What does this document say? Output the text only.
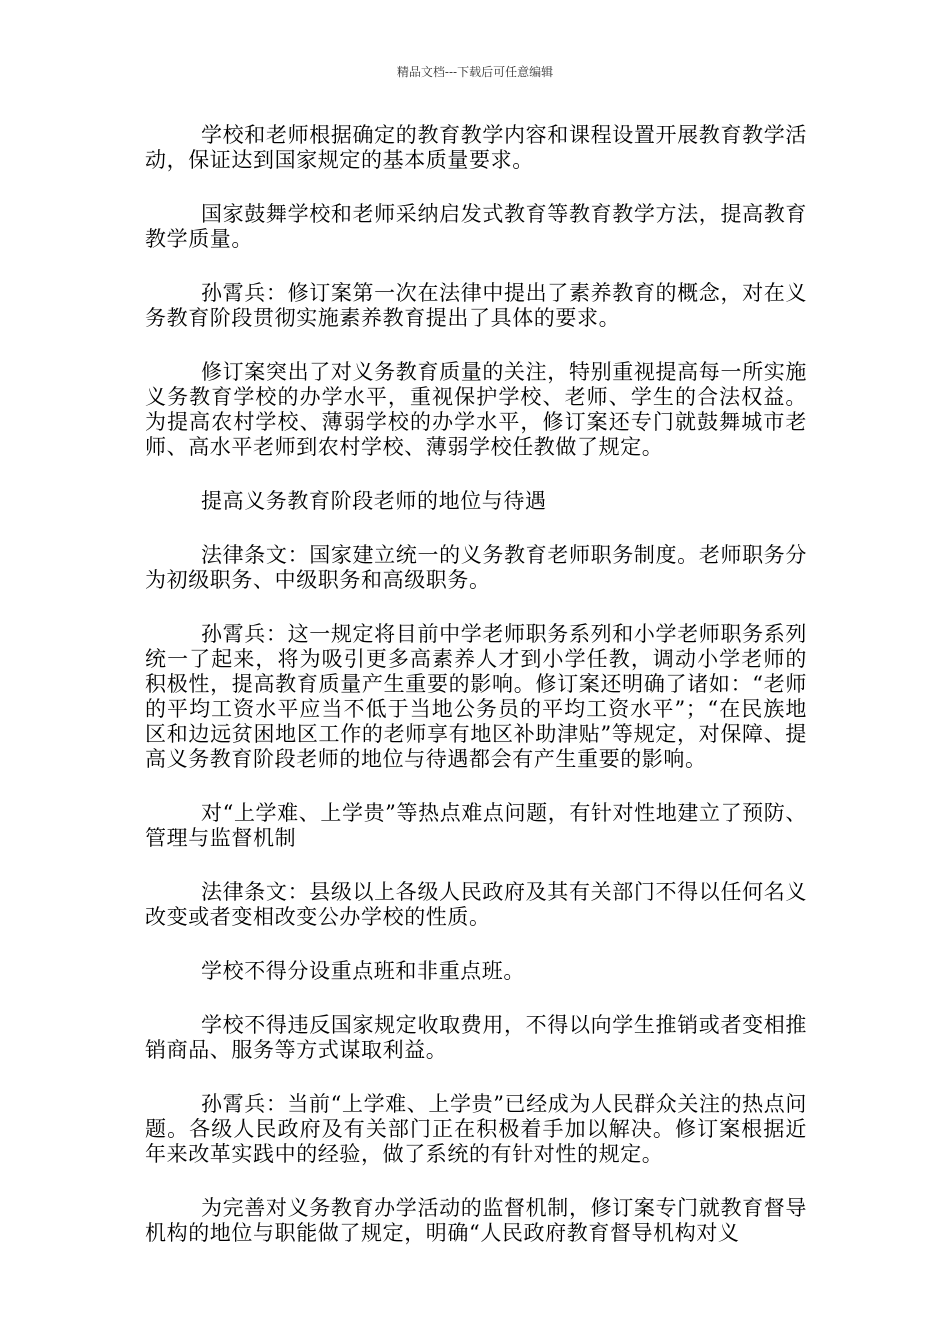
精品文档---下载后可任意编辑

学校和老师根据确定的教育教学内容和课程设置开展教育教学活动，保证达到国家规定的基本质量要求。

国家鼓舞学校和老师采纳启发式教育等教育教学方法，提高教育教学质量。

孙霄兵：修订案第一次在法律中提出了素养教育的概念，对在义务教育阶段贯彻实施素养教育提出了具体的要求。

修订案突出了对义务教育质量的关注，特别重视提高每一所实施义务教育学校的办学水平，重视保护学校、老师、学生的合法权益。为提高农村学校、薄弱学校的办学水平，修订案还专门就鼓舞城市老师、高水平老师到农村学校、薄弱学校任教做了规定。

提高义务教育阶段老师的地位与待遇

法律条文：国家建立统一的义务教育老师职务制度。老师职务分为初级职务、中级职务和高级职务。

孙霄兵：这一规定将目前中学老师职务系列和小学老师职务系列统一了起来，将为吸引更多高素养人才到小学任教，调动小学老师的积极性，提高教育质量产生重要的影响。修订案还明确了诸如：“老师的平均工资水平应当不低于当地公务员的平均工资水平”；“在民族地区和边远贫困地区工作的老师享有地区补助津贴”等规定，对保障、提高义务教育阶段老师的地位与待遇都会有产生重要的影响。

对“上学难、上学贵”等热点难点问题，有针对性地建立了预防、管理与监督机制

法律条文：县级以上各级人民政府及其有关部门不得以任何名义改变或者变相改变公办学校的性质。

学校不得分设重点班和非重点班。

学校不得违反国家规定收取费用，不得以向学生推销或者变相推销商品、服务等方式谋取利益。

孙霄兵：当前“上学难、上学贵”已经成为人民群众关注的热点问题。各级人民政府及有关部门正在积极着手加以解决。修订案根据近年来改革实践中的经验，做了系统的有针对性的规定。

为完善对义务教育办学活动的监督机制，修订案专门就教育督导机构的地位与职能做了规定，明确“人民政府教育督导机构对义
